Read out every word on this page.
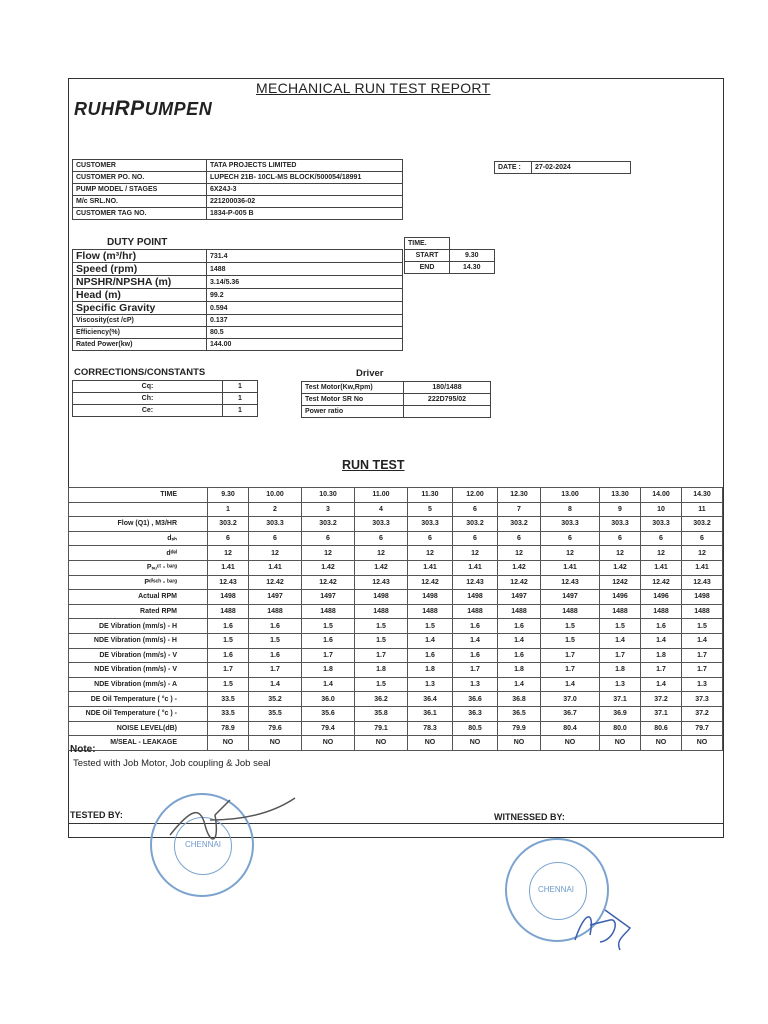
MECHANICAL RUN TEST REPORT
RUHRPUMPEN
CUSTOMER	TATA PROJECTS LIMITED
CUSTOMER PO. NO.	LUPECH 21B- 10CL-MS BLOCK/500054/18991
PUMP MODEL / STAGES	6X24J-3
M/c SRL.NO.	221200036-02
CUSTOMER TAG NO.	1834-P-005 B
DATE :	27-02-2024
DUTY POINT
Flow (m³/hr)	731.4
Speed (rpm)	1488
NPSHR/NPSHA (m)	3.14/5.36
Head (m)	99.2
Specific Gravity	0.594
Viscosity(cst /cP)	0.137
Efficiency(%)	80.5
Rated Power(kw)	144.00
TIME.	
START	9.30
END	14.30
CORRECTIONS/CONSTANTS
Cq:	1
Ch:	1
Ce:	1
Driver
Test Motor(Kw,Rpm)	180/1488
Test Motor SR No	222D795/02
Power ratio	
RUN TEST
TIME	9.30	10.00	10.30	11.00	11.30	12.00	12.30	13.00	13.30	14.00	14.30
	1	2	3	4	5	6	7	8	9	10	11
Flow (Q1) , M3/HR	303.2	303.3	303.2	303.3	303.3	303.2	303.2	303.3	303.3	303.3	303.2
dₛₕ	6	6	6	6	6	6	6	6	6	6	6
dᵈᵉˡ	12	12	12	12	12	12	12	12	12	12	12
Pₛᵤᶜᵗ - ᵇᵃʳᵍ	1.41	1.41	1.42	1.42	1.41	1.41	1.42	1.41	1.42	1.41	1.41
Pᵈⁱˢᶜʰ - ᵇᵃʳᵍ	12.43	12.42	12.42	12.43	12.42	12.43	12.42	12.43	1242	12.42	12.43
Actual RPM	1498	1497	1497	1498	1498	1498	1497	1497	1496	1496	1498
Rated RPM	1488	1488	1488	1488	1488	1488	1488	1488	1488	1488	1488
DE Vibration (mm/s) - H	1.6	1.6	1.5	1.5	1.5	1.6	1.6	1.5	1.5	1.6	1.5
NDE Vibration (mm/s) - H	1.5	1.5	1.6	1.5	1.4	1.4	1.4	1.5	1.4	1.4	1.4
DE Vibration (mm/s) - V	1.6	1.6	1.7	1.7	1.6	1.6	1.6	1.7	1.7	1.8	1.7
NDE Vibration (mm/s) - V	1.7	1.7	1.8	1.8	1.8	1.7	1.8	1.7	1.8	1.7	1.7
NDE Vibration (mm/s) - A	1.5	1.4	1.4	1.5	1.3	1.3	1.4	1.4	1.3	1.4	1.3
DE Oil Temperature ( °c ) -	33.5	35.2	36.0	36.2	36.4	36.6	36.8	37.0	37.1	37.2	37.3
NDE Oil Temperature ( °c ) -	33.5	35.5	35.6	35.8	36.1	36.3	36.5	36.7	36.9	37.1	37.2
NOISE LEVEL(dB)	78.9	79.6	79.4	79.1	78.3	80.5	79.9	80.4	80.0	80.6	79.7
M/SEAL - LEAKAGE	NO	NO	NO	NO	NO	NO	NO	NO	NO	NO	NO
Note:
Tested with Job Motor, Job coupling & Job seal
TESTED BY:	WITNESSED BY:
CHENNAI
CHENNAI
